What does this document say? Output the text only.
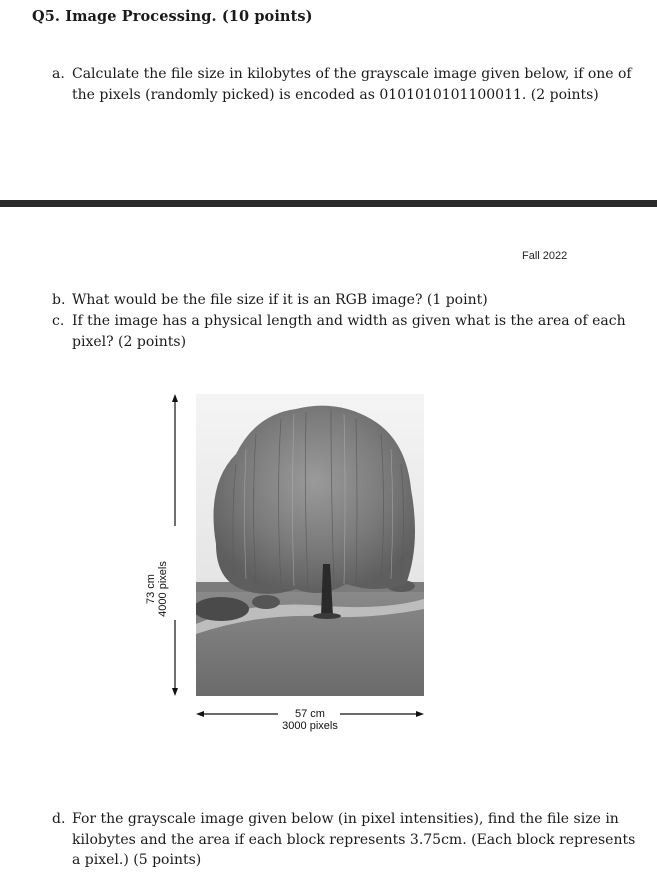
Q5. Image Processing. (10 points)
a. Calculate the file size in kilobytes of the grayscale image given below, if one of
the pixels (randomly picked) is encoded as 0101010101100011. (2 points)
Fall 2022
b. What would be the file size if it is an RGB image? (1 point)
c. If the image has a physical length and width as given what is the area of each
pixel? (2 points)
73 cm 4000 pixels
57 cm
3000 pixels
d. For the grayscale image given below (in pixel intensities), find the file size in
kilobytes and the area if each block represents 3.75cm. (Each block represents
a pixel.) (5 points)
